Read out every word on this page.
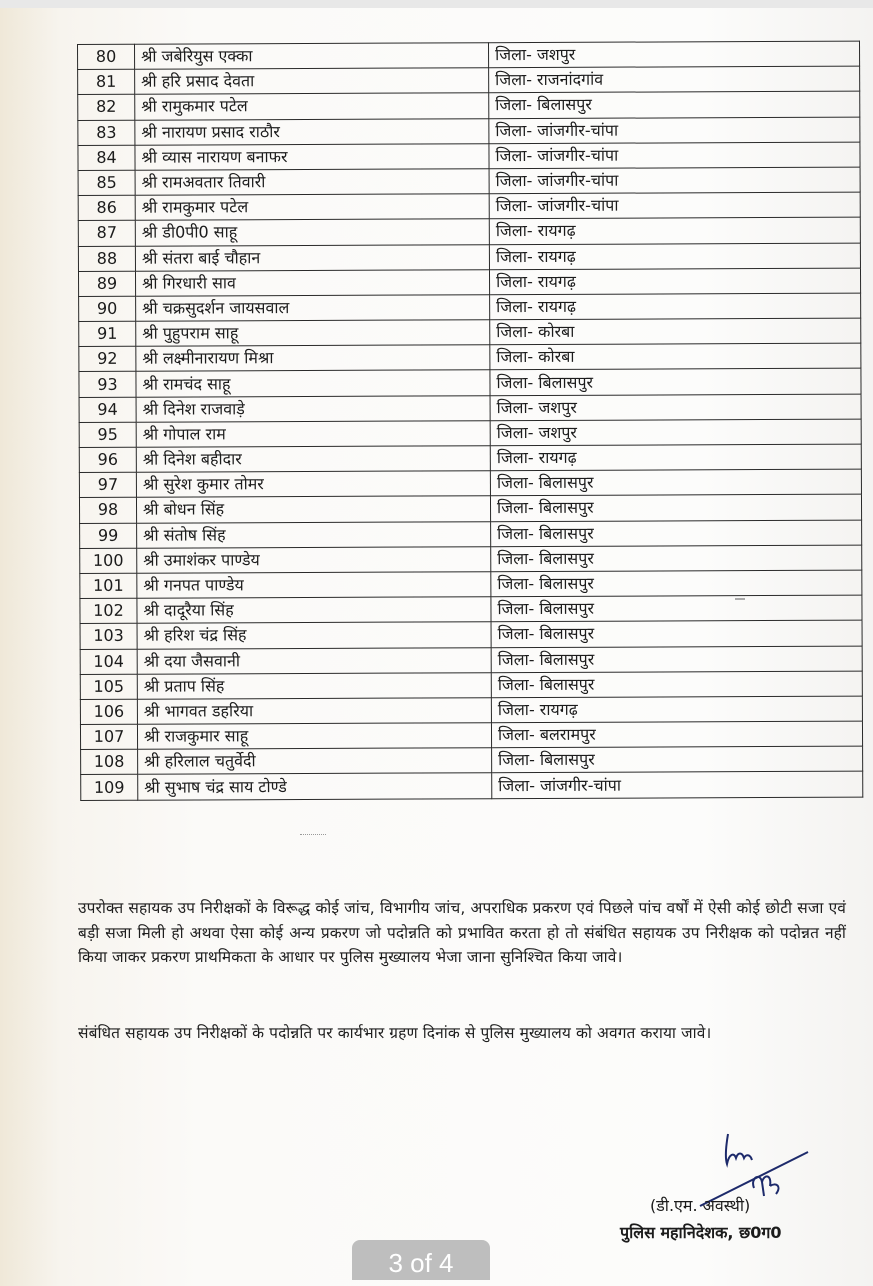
80	श्री जबेरियुस एक्का	जिला- जशपुर
81	श्री हरि प्रसाद देवता	जिला- राजनांदगांव
82	श्री रामुकमार पटेल	जिला- बिलासपुर
83	श्री नारायण प्रसाद राठौर	जिला- जांजगीर-चांपा
84	श्री व्यास नारायण बनाफर	जिला- जांजगीर-चांपा
85	श्री रामअवतार तिवारी	जिला- जांजगीर-चांपा
86	श्री रामकुमार पटेल	जिला- जांजगीर-चांपा
87	श्री डी0पी0 साहू	जिला- रायगढ़
88	श्री संतरा बाई चौहान	जिला- रायगढ़
89	श्री गिरधारी साव	जिला- रायगढ़
90	श्री चक्रसुदर्शन जायसवाल	जिला- रायगढ़
91	श्री पुहुपराम साहू	जिला- कोरबा
92	श्री लक्ष्मीनारायण मिश्रा	जिला- कोरबा
93	श्री रामचंद साहू	जिला- बिलासपुर
94	श्री दिनेश राजवाड़े	जिला- जशपुर
95	श्री गोपाल राम	जिला- जशपुर
96	श्री दिनेश बहीदार	जिला- रायगढ़
97	श्री सुरेश कुमार तोमर	जिला- बिलासपुर
98	श्री बोधन सिंह	जिला- बिलासपुर
99	श्री संतोष सिंह	जिला- बिलासपुर
100	श्री उमाशंकर पाण्डेय	जिला- बिलासपुर
101	श्री गनपत पाण्डेय	जिला- बिलासपुर
102	श्री दादूरैया सिंह	जिला- बिलासपुर
103	श्री हरिश चंद्र सिंह	जिला- बिलासपुर
104	श्री दया जैसवानी	जिला- बिलासपुर
105	श्री प्रताप सिंह	जिला- बिलासपुर
106	श्री भागवत डहरिया	जिला- रायगढ़
107	श्री राजकुमार साहू	जिला- बलरामपुर
108	श्री हरिलाल चतुर्वेदी	जिला- बिलासपुर
109	श्री सुभाष चंद्र साय टोण्डे	जिला- जांजगीर-चांपा
उपरोक्त सहायक उप निरीक्षकों के विरूद्ध कोई जांच, विभागीय जांच, अपराधिक प्रकरण एवं पिछले पांच वर्षों में ऐसी कोई छोटी सजा एवं बड़ी सजा मिली हो अथवा ऐसा कोई अन्य प्रकरण जो पदोन्नति को प्रभावित करता हो तो संबंधित सहायक उप निरीक्षक को पदोन्नत नहीं किया जाकर प्रकरण प्राथमिकता के आधार पर पुलिस मुख्यालय भेजा जाना सुनिश्चित किया जावे।
संबंधित सहायक उप निरीक्षकों के पदोन्नति पर कार्यभार ग्रहण दिनांक से पुलिस मुख्यालय को अवगत कराया जावे।
(डी.एम. अवस्थी)
पुलिस महानिदेशक, छ0ग0
3 of 4
